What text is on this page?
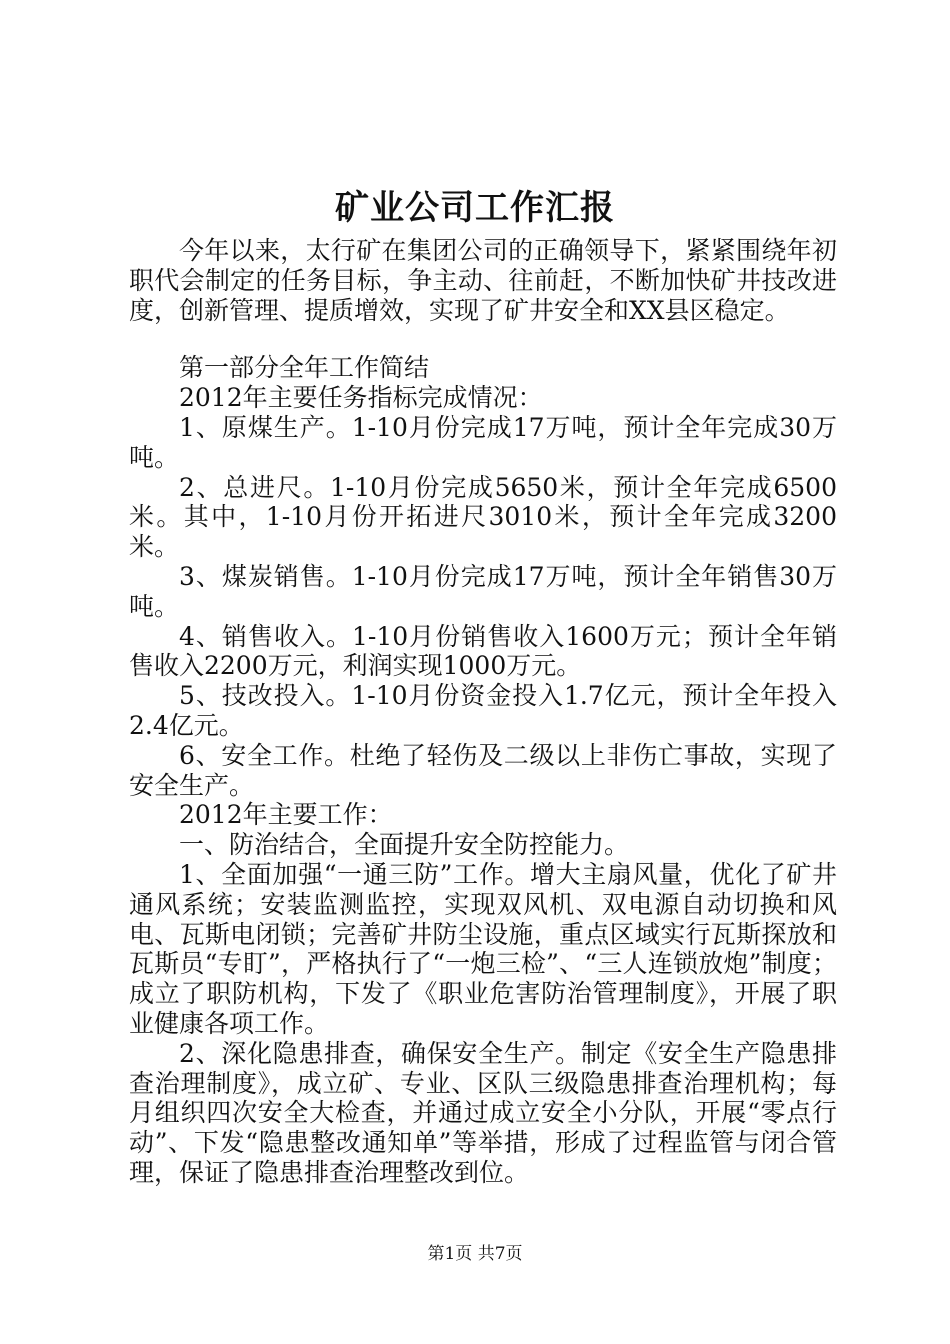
矿业公司工作汇报

今年以来，太行矿在集团公司的正确领导下，紧紧围绕年初职代会制定的任务目标，争主动、往前赶，不断加快矿井技改进度，创新管理、提质增效，实现了矿井安全和XX县区稳定。

第一部分全年工作简结

2012年主要任务指标完成情况：

1、原煤生产。1-10月份完成17万吨，预计全年完成30万吨。

2、总进尺。1-10月份完成5650米，预计全年完成6500米。其中，1-10月份开拓进尺3010米，预计全年完成3200米。

3、煤炭销售。1-10月份完成17万吨，预计全年销售30万吨。

4、销售收入。1-10月份销售收入1600万元；预计全年销售收入2200万元，利润实现1000万元。

5、技改投入。1-10月份资金投入1.7亿元，预计全年投入2.4亿元。

6、安全工作。杜绝了轻伤及二级以上非伤亡事故，实现了安全生产。

2012年主要工作：

一、防治结合，全面提升安全防控能力。

1、全面加强“一通三防”工作。增大主扇风量，优化了矿井通风系统；安装监测监控，实现双风机、双电源自动切换和风电、瓦斯电闭锁；完善矿井防尘设施，重点区域实行瓦斯探放和瓦斯员“专盯”，严格执行了“一炮三检”、“三人连锁放炮”制度；成立了职防机构，下发了《职业危害防治管理制度》，开展了职业健康各项工作。

2、深化隐患排查，确保安全生产。制定《安全生产隐患排查治理制度》，成立矿、专业、区队三级隐患排查治理机构；每月组织四次安全大检查，并通过成立安全小分队，开展“零点行动”、下发“隐患整改通知单”等举措，形成了过程监管与闭合管理，保证了隐患排查治理整改到位。

第1页 共7页
